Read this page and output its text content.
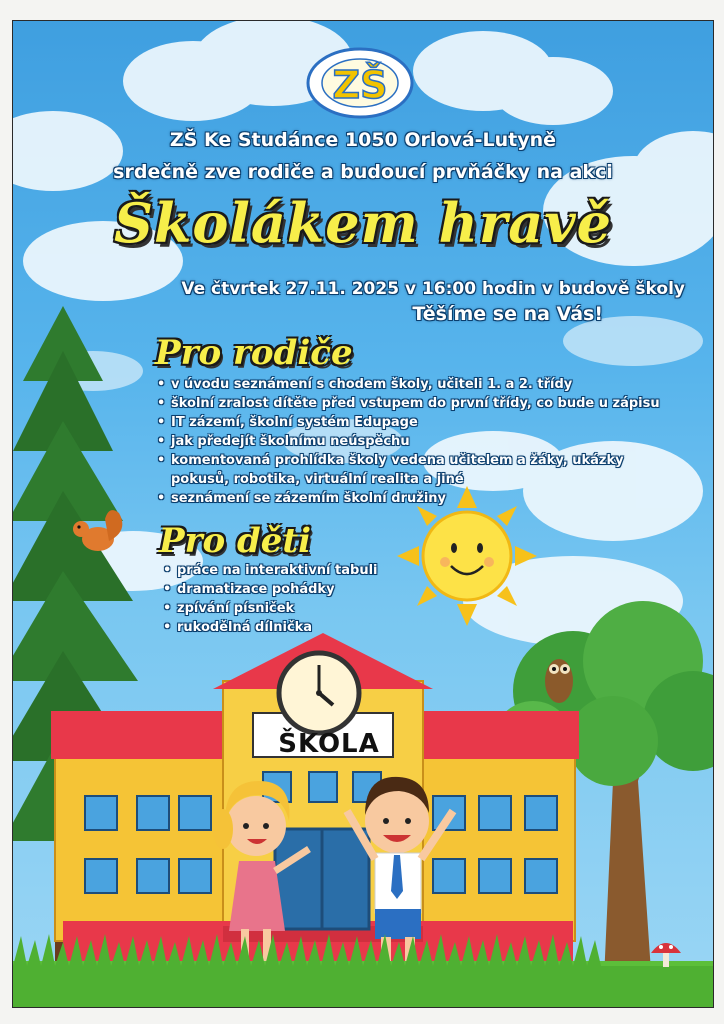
ZŠ
ZŠ Ke Studánce 1050 Orlová-Lutyně
srdečně zve rodiče a budoucí prvňáčky na akci
Školákem hravě
Ve čtvrtek 27.11. 2025 v 16:00 hodin v budově školy
Těšíme se na Vás!
Pro rodiče
• v úvodu seznámení s chodem školy, učiteli 1. a 2. třídy
• školní zralost dítěte před vstupem do první třídy, co bude u zápisu
• IT zázemí, školní systém Edupage
• jak předejít školnímu neúspěchu
• komentovaná prohlídka školy vedena učitelem a žáky, ukázky pokusů, robotika, virtuální realita a jiné
• seznámení se zázemím školní družiny
Pro děti
• práce na interaktivní tabuli
• dramatizace pohádky
• zpívání písniček
• rukodělná dílnička
ŠKOLA
